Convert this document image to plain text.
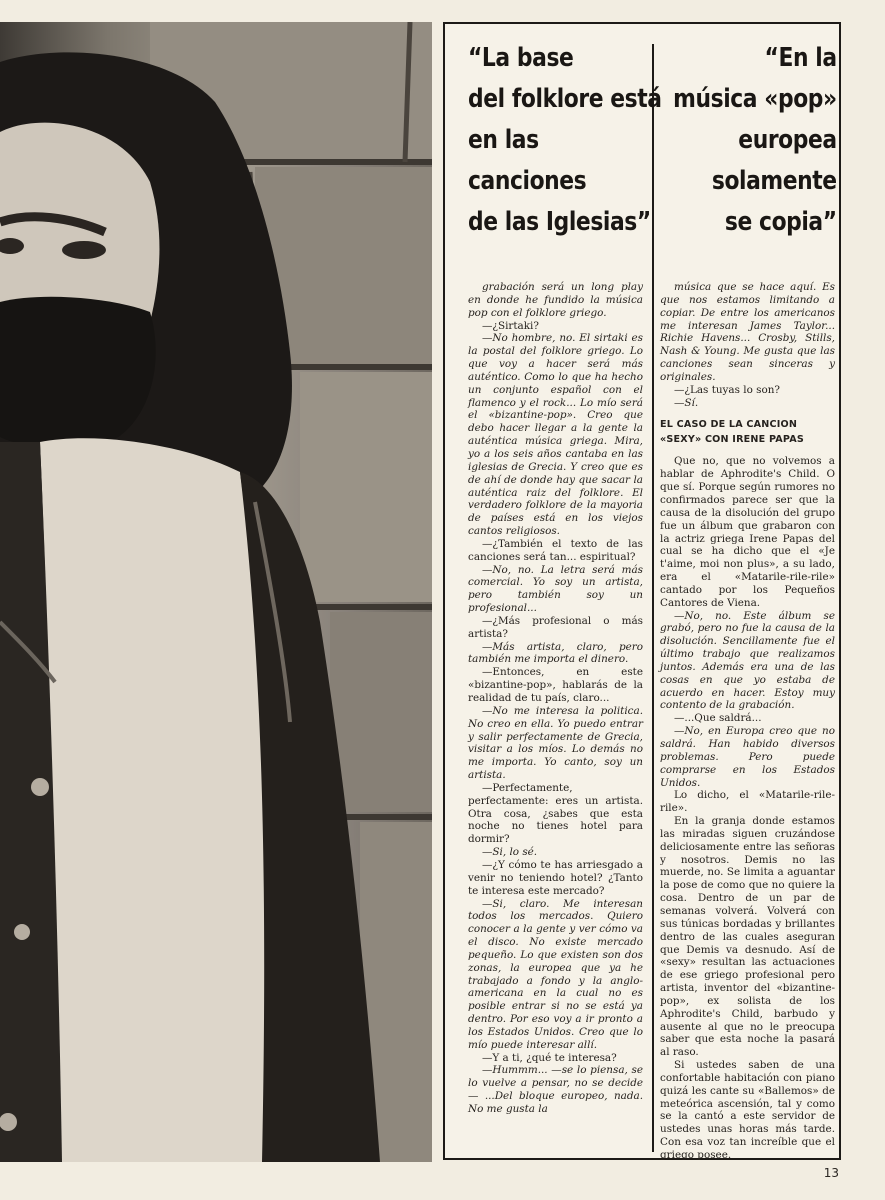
“La base
del folklore está
en las
canciones
de las Iglesias”
“En la
música «pop»
europea
solamente
se copia”

grabación será un long play en donde he fundido la música pop con el folklore griego.

—¿Sirtaki?

—No hombre, no. El sirtaki es la postal del folklore griego. Lo que voy a hacer será más auténtico. Como lo que ha hecho un conjunto español con el flamenco y el rock... Lo mío será el «bizantine-pop». Creo que debo hacer llegar a la gente la auténtica música griega. Mira, yo a los seis años cantaba en las iglesias de Grecia. Y creo que es de ahí de donde hay que sacar la auténtica raiz del folklore. El verdadero folklore de la mayoria de países está en los viejos cantos religiosos.

—¿También el texto de las canciones será tan... espiritual?

—No, no. La letra será más comercial. Yo soy un artista, pero también soy un profesional...

—¿Más profesional o más artista?

—Más artista, claro, pero también me importa el dinero.

—Entonces, en este «bizantine-pop», hablarás de la realidad de tu país, claro...

—No me interesa la politica. No creo en ella. Yo puedo entrar y salir perfectamente de Grecia, visitar a los míos. Lo demás no me importa. Yo canto, soy un artista.

—Perfectamente, perfectamente: eres un artista. Otra cosa, ¿sabes que esta noche no tienes hotel para dormir?

—Si, lo sé.

—¿Y cómo te has arriesgado a venir no teniendo hotel? ¿Tanto te interesa este mercado?

—Si, claro. Me interesan todos los mercados. Quiero conocer a la gente y ver cómo va el disco. No existe mercado pequeño. Lo que existen son dos zonas, la europea que ya he trabajado a fondo y la anglo-americana en la cual no es posible entrar si no se está ya dentro. Por eso voy a ir pronto a los Estados Unidos. Creo que lo mío puede interesar allí.

—Y a ti, ¿qué te interesa?

—Hummm... —se lo piensa, se lo vuelve a pensar, no se decide— ...Del bloque europeo, nada. No me gusta la

música que se hace aquí. Es que nos estamos limitando a copiar. De entre los americanos me interesan James Taylor... Richie Havens... Crosby, Stills, Nash & Young. Me gusta que las canciones sean sinceras y originales.

—¿Las tuyas lo son?

—Sí.

EL CASO DE LA CANCION
«SEXY» CON IRENE PAPAS

Que no, que no volvemos a hablar de Aphrodite's Child. O que sí. Porque según rumores no confirmados parece ser que la causa de la disolución del grupo fue un álbum que grabaron con la actriz griega Irene Papas del cual se ha dicho que el «Je t'aime, moi non plus», a su lado, era el «Matarile-rile-rile» cantado por los Pequeños Cantores de Viena.

—No, no. Este álbum se grabó, pero no fue la causa de la disolución. Sencillamente fue el último trabajo que realizamos juntos. Además era una de las cosas en que yo estaba de acuerdo en hacer. Estoy muy contento de la grabación.

—...Que saldrá...

—No, en Europa creo que no saldrá. Han habido diversos problemas. Pero puede comprarse en los Estados Unidos.

Lo dicho, el «Matarile-rile-rile».

En la granja donde estamos las miradas siguen cruzándose deliciosamente entre las señoras y nosotros. Demis no las muerde, no. Se limita a aguantar la pose de como que no quiere la cosa. Dentro de un par de semanas volverá. Volverá con sus túnicas bordadas y brillantes dentro de las cuales aseguran que Demis va desnudo. Así de «sexy» resultan las actuaciones de ese griego profesional pero artista, inventor del «bizantine-pop», ex solista de los Aphrodite's Child, barbudo y ausente al que no le preocupa saber que esta noche la pasará al raso.

Si ustedes saben de una confortable habitación con piano quizá les cante su «Ballemos» de meteórica ascensión, tal y como se la cantó a este servidor de ustedes unas horas más tarde. Con esa voz tan increíble que el griego posee.

13
